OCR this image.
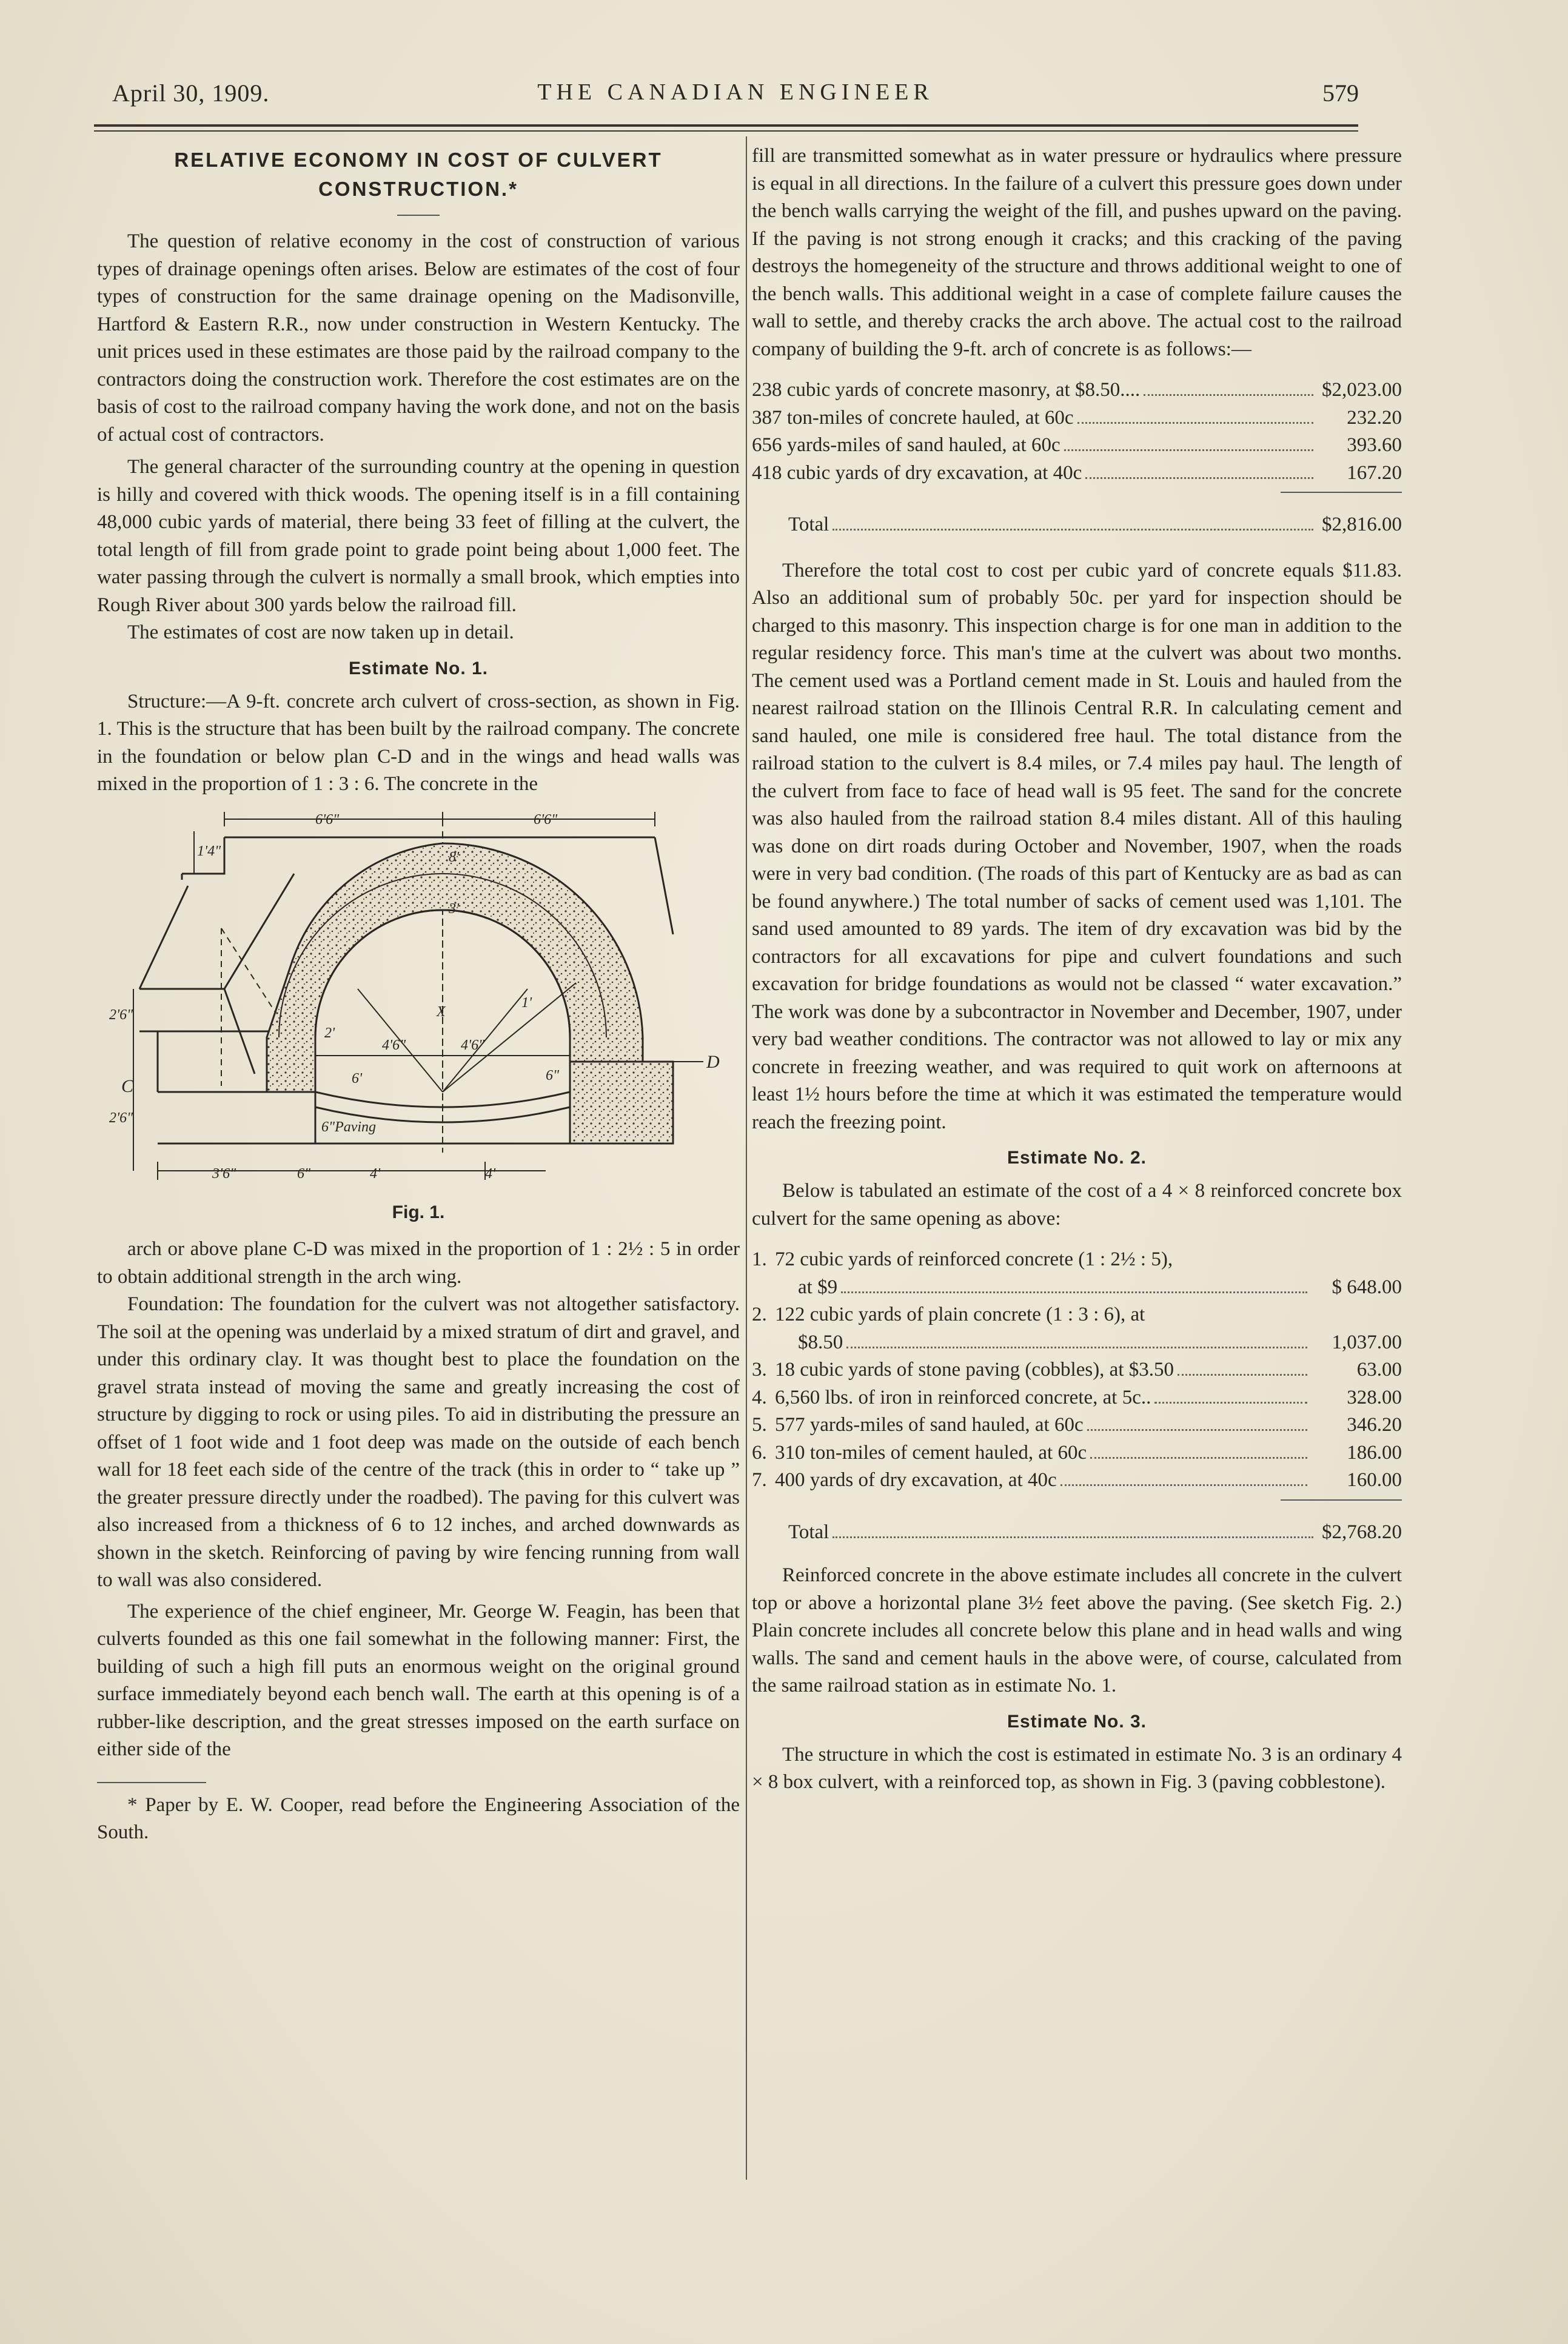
THE CANADIAN ENGINEER
April 30, 1909.	579
RELATIVE ECONOMY IN COST OF CULVERT
CONSTRUCTION.*

The question of relative economy in the cost of construction of various types of drainage openings often arises. Below are estimates of the cost of four types of construction for the same drainage opening on the Madisonville, Hartford & Eastern R.R., now under construction in Western Kentucky. The unit prices used in these estimates are those paid by the railroad company to the contractors doing the construction work. Therefore the cost estimates are on the basis of cost to the railroad company having the work done, and not on the basis of actual cost of contractors.

The general character of the surrounding country at the opening in question is hilly and covered with thick woods. The opening itself is in a fill containing 48,000 cubic yards of material, there being 33 feet of filling at the culvert, the total length of fill from grade point to grade point being about 1,000 feet. The water passing through the culvert is normally a small brook, which empties into Rough River about 300 yards below the railroad fill.

The estimates of cost are now taken up in detail.

Estimate No. 1.

Structure:—A 9-ft. concrete arch culvert of cross-section, as shown in Fig. 1. This is the structure that has been built by the railroad company. The concrete in the foundation or below plan C-D and in the wings and head walls was mixed in the proportion of 1 : 3 : 6. The concrete in the

6'6"	6'6"
8'
1'4"
2'6"
2'6"
3'
2'
4'6"	4'6"
6'	6"
1'
3'6"	6"	4'	4'
6"Paving
C
D
X
Fig. 1.

arch or above plane C-D was mixed in the proportion of 1 : 2½ : 5 in order to obtain additional strength in the arch wing.

Foundation: The foundation for the culvert was not altogether satisfactory. The soil at the opening was underlaid by a mixed stratum of dirt and gravel, and under this ordinary clay. It was thought best to place the foundation on the gravel strata instead of moving the same and greatly increasing the cost of structure by digging to rock or using piles. To aid in distributing the pressure an offset of 1 foot wide and 1 foot deep was made on the outside of each bench wall for 18 feet each side of the centre of the track (this in order to “ take up ” the greater pressure directly under the roadbed). The paving for this culvert was also increased from a thickness of 6 to 12 inches, and arched downwards as shown in the sketch. Reinforcing of paving by wire fencing running from wall to wall was also considered.

The experience of the chief engineer, Mr. George W. Feagin, has been that culverts founded as this one fail somewhat in the following manner: First, the building of such a high fill puts an enormous weight on the original ground surface immediately beyond each bench wall. The earth at this opening is of a rubber-like description, and the great stresses imposed on the earth surface on either side of the

* Paper by E. W. Cooper, read before the Engineering Association of the South.

fill are transmitted somewhat as in water pressure or hydraulics where pressure is equal in all directions. In the failure of a culvert this pressure goes down under the bench walls carrying the weight of the fill, and pushes upward on the paving. If the paving is not strong enough it cracks; and this cracking of the paving destroys the homegeneity of the structure and throws additional weight to one of the bench walls. This additional weight in a case of complete failure causes the wall to settle, and thereby cracks the arch above. The actual cost to the railroad company of building the 9-ft. arch of concrete is as follows:—

238 cubic yards of concrete masonry, at $8.50....	$2,023.00
387 ton-miles of concrete hauled, at 60c	232.20
656 yards-miles of sand hauled, at 60c	393.60
418 cubic yards of dry excavation, at 40c	167.20
Total	$2,816.00

Therefore the total cost to cost per cubic yard of concrete equals $11.83. Also an additional sum of probably 50c. per yard for inspection should be charged to this masonry. This inspection charge is for one man in addition to the regular residency force. This man's time at the culvert was about two months. The cement used was a Portland cement made in St. Louis and hauled from the nearest railroad station on the Illinois Central R.R. In calculating cement and sand hauled, one mile is considered free haul. The total distance from the railroad station to the culvert is 8.4 miles, or 7.4 miles pay haul. The length of the culvert from face to face of head wall is 95 feet. The sand for the concrete was also hauled from the railroad station 8.4 miles distant. All of this hauling was done on dirt roads during October and November, 1907, when the roads were in very bad condition. (The roads of this part of Kentucky are as bad as can be found anywhere.) The total number of sacks of cement used was 1,101. The sand used amounted to 89 yards. The item of dry excavation was bid by the contractors for all excavations for pipe and culvert foundations and such excavation for bridge foundations as would not be classed “ water excavation.” The work was done by a subcontractor in November and December, 1907, under very bad weather conditions. The contractor was not allowed to lay or mix any concrete in freezing weather, and was required to quit work on afternoons at least 1½ hours before the time at which it was estimated the temperature would reach the freezing point.

Estimate No. 2.

Below is tabulated an estimate of the cost of a 4 × 8 reinforced concrete box culvert for the same opening as above:

1. 72 cubic yards of reinforced concrete (1 : 2½ : 5),
at $9	$ 648.00
2. 122 cubic yards of plain concrete (1 : 3 : 6), at
$8.50	1,037.00
3. 18 cubic yards of stone paving (cobbles), at $3.50	63.00
4. 6,560 lbs. of iron in reinforced concrete, at 5c..	328.00
5. 577 yards-miles of sand hauled, at 60c	346.20
6. 310 ton-miles of cement hauled, at 60c	186.00
7. 400 yards of dry excavation, at 40c	160.00
Total	$2,768.20

Reinforced concrete in the above estimate includes all concrete in the culvert top or above a horizontal plane 3½ feet above the paving. (See sketch Fig. 2.) Plain concrete includes all concrete below this plane and in head walls and wing walls. The sand and cement hauls in the above were, of course, calculated from the same railroad station as in estimate No. 1.

Estimate No. 3.

The structure in which the cost is estimated in estimate No. 3 is an ordinary 4 × 8 box culvert, with a reinforced top, as shown in Fig. 3 (paving cobblestone).
